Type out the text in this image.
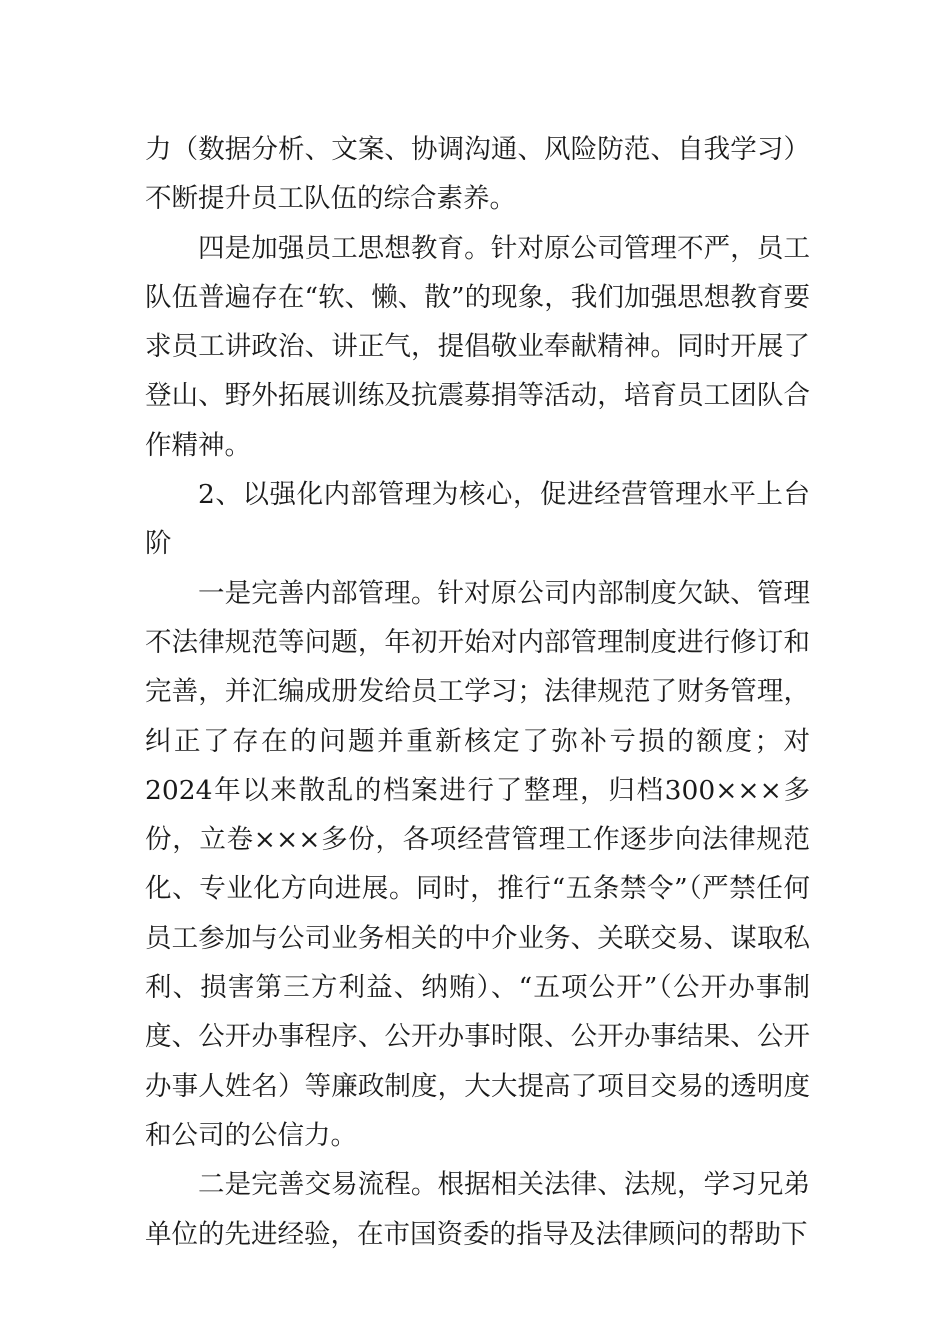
力（数据分析、文案、协调沟通、风险防范、自我学习）不断提升员工队伍的综合素养。

四是加强员工思想教育。针对原公司管理不严，员工队伍普遍存在“软、懒、散”的现象，我们加强思想教育要求员工讲政治、讲正气，提倡敬业奉献精神。同时开展了登山、野外拓展训练及抗震募捐等活动，培育员工团队合作精神。

2、以强化内部管理为核心，促进经营管理水平上台阶

一是完善内部管理。针对原公司内部制度欠缺、管理不法律规范等问题，年初开始对内部管理制度进行修订和完善，并汇编成册发给员工学习；法律规范了财务管理，纠正了存在的问题并重新核定了弥补亏损的额度；对2024年以来散乱的档案进行了整理，归档300×××多份，立卷×××多份，各项经营管理工作逐步向法律规范化、专业化方向进展。同时，推行“五条禁令”（严禁任何员工参加与公司业务相关的中介业务、关联交易、谋取私利、损害第三方利益、纳贿）、“五项公开”（公开办事制度、公开办事程序、公开办事时限、公开办事结果、公开办事人姓名）等廉政制度，大大提高了项目交易的透明度和公司的公信力。

二是完善交易流程。根据相关法律、法规，学习兄弟单位的先进经验，在市国资委的指导及法律顾问的帮助下
